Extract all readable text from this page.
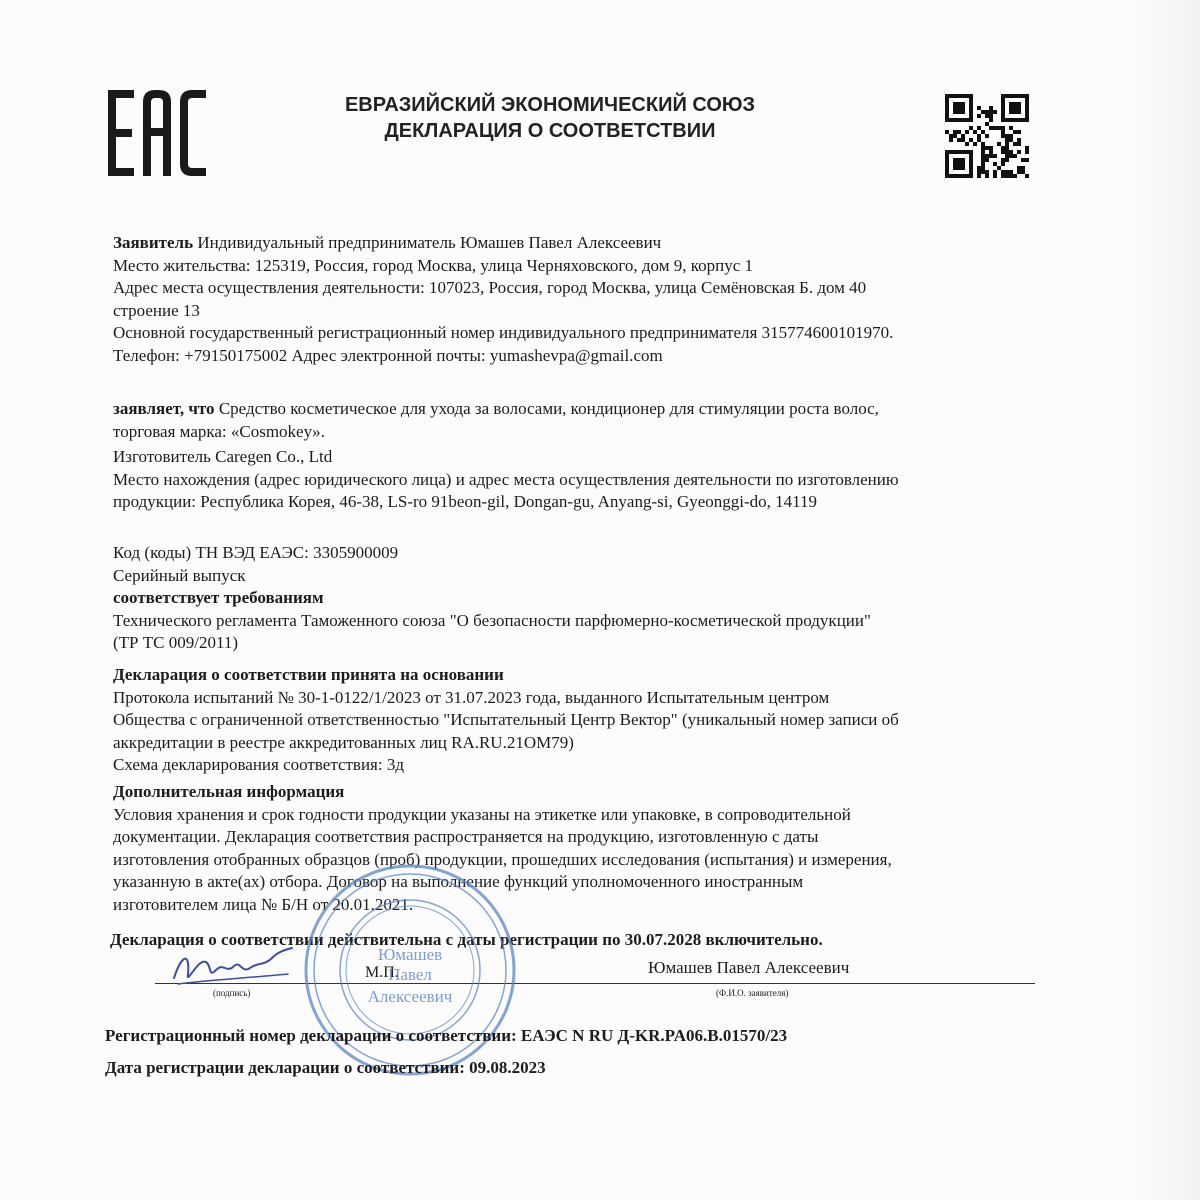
ЕВРАЗИЙСКИЙ ЭКОНОМИЧЕСКИЙ СОЮЗ
ДЕКЛАРАЦИЯ О СООТВЕТСТВИИ
Заявитель Индивидуальный предприниматель Юмашев Павел Алексеевич
Место жительства: 125319, Россия, город Москва, улица Черняховского, дом 9, корпус 1
Адрес места осуществления деятельности: 107023, Россия, город Москва, улица Семёновская Б. дом 40
строение 13
Основной государственный регистрационный номер индивидуального предпринимателя 315774600101970.
Телефон: +79150175002 Адрес электронной почты: yumashevpa@gmail.com
заявляет, что Средство косметическое для ухода за волосами, кондиционер для стимуляции роста волос,
торговая марка: «Cosmokey».
Изготовитель Caregen Co., Ltd
Место нахождения (адрес юридического лица) и адрес места осуществления деятельности по изготовлению
продукции: Республика Корея, 46-38, LS-ro 91beon-gil, Dongan-gu, Anyang-si, Gyeonggi-do, 14119
Код (коды) ТН ВЭД ЕАЭС: 3305900009
Серийный выпуск
соответствует требованиям
Технического регламента Таможенного союза "О безопасности парфюмерно-косметической продукции"
(ТР ТС 009/2011)
Декларация о соответствии принята на основании
Протокола испытаний № 30-1-0122/1/2023 от 31.07.2023 года, выданного Испытательным центром
Общества с ограниченной ответственностью "Испытательный Центр Вектор" (уникальный номер записи об
аккредитации в реестре аккредитованных лиц RA.RU.21OM79)
Схема декларирования соответствия: 3д
Дополнительная информация
Условия хранения и срок годности продукции указаны на этикетке или упаковке, в сопроводительной
документации. Декларация соответствия распространяется на продукцию, изготовленную с даты
изготовления отобранных образцов (проб) продукции, прошедших исследования (испытания) и измерения,
указанную в акте(ах) отбора. Договор на выполнение функций уполномоченного иностранным
изготовителем лица № Б/Н от 20.01.2021.
Декларация о соответствии действительна с даты регистрации по 30.07.2028 включительно.
М.П.	Юмашев Павел Алексеевич
(подпись)	(Ф.И.О. заявителя)
Юмашев
Павел
Алексеевич
Регистрационный номер декларации о соответствии: ЕАЭС N RU Д-KR.PA06.B.01570/23
Дата регистрации декларации о соответствии: 09.08.2023
